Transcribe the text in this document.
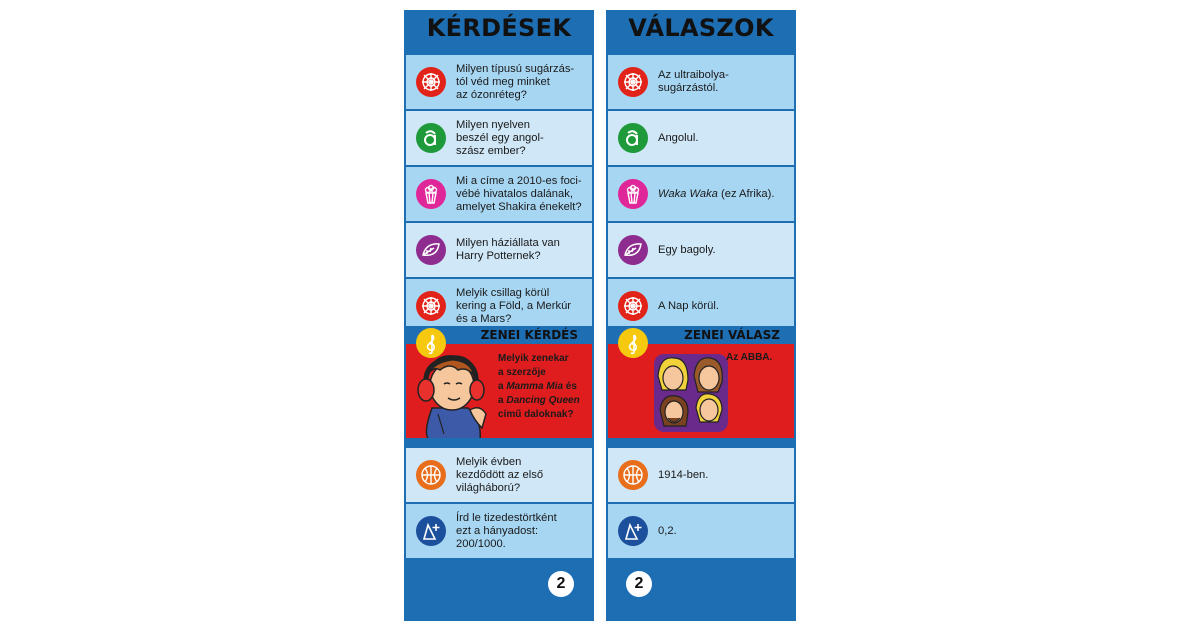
KÉRDÉSEK
Milyen típusú sugárzás-
tól véd meg minket
az ózonréteg?
Milyen nyelven
beszél egy angol-
szász ember?
Mi a címe a 2010-es foci-
vébé hivatalos dalának,
amelyet Shakira énekelt?
Milyen háziállata van
Harry Potternek?
Melyik csillag körül
kering a Föld, a Merkúr
és a Mars?
ZENEI KÉRDÉS
Melyik zenekar
a szerzője
a Mamma Mia és
a Dancing Queen
című daloknak?
Melyik évben
kezdődött az első
világháború?
Írd le tizedestörtként
ezt a hányadost:
200/1000.
2
VÁLASZOK
Az ultraibolya-
sugárzástól.
Angolul.
Waka Waka (ez Afrika).
Egy bagoly.
A Nap körül.
ZENEI VÁLASZ
Az ABBA.
1914-ben.
0,2.
2
